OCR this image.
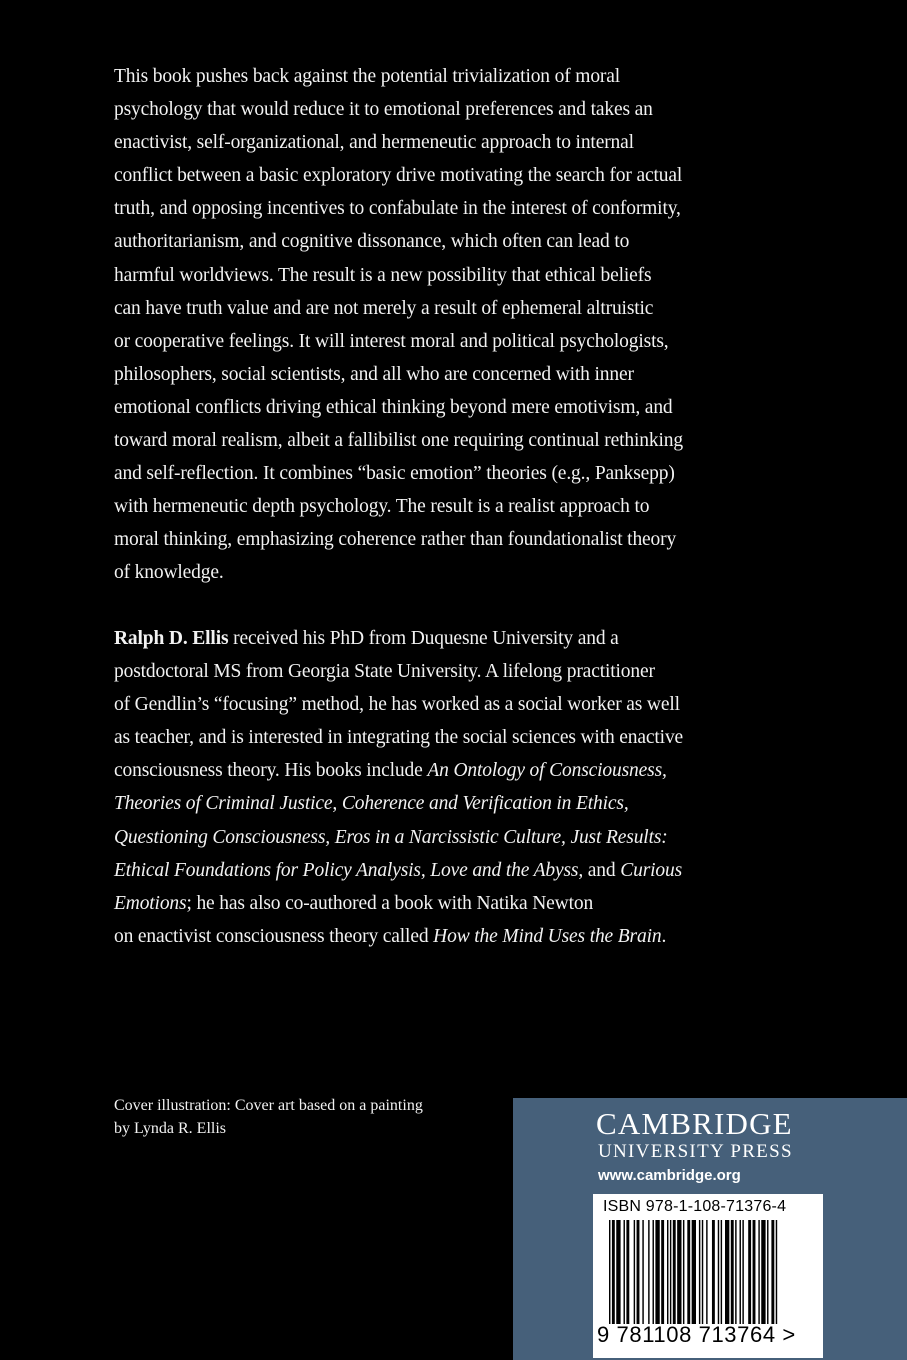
This book pushes back against the potential trivialization of moral
psychology that would reduce it to emotional preferences and takes an
enactivist, self-organizational, and hermeneutic approach to internal
conflict between a basic exploratory drive motivating the search for actual
truth, and opposing incentives to confabulate in the interest of conformity,
authoritarianism, and cognitive dissonance, which often can lead to
harmful worldviews. The result is a new possibility that ethical beliefs
can have truth value and are not merely a result of ephemeral altruistic
or cooperative feelings. It will interest moral and political psychologists,
philosophers, social scientists, and all who are concerned with inner
emotional conflicts driving ethical thinking beyond mere emotivism, and
toward moral realism, albeit a fallibilist one requiring continual rethinking
and self-reflection. It combines “basic emotion” theories (e.g., Panksepp)
with hermeneutic depth psychology. The result is a realist approach to
moral thinking, emphasizing coherence rather than foundationalist theory
of knowledge.
Ralph D. Ellis received his PhD from Duquesne University and a
postdoctoral MS from Georgia State University. A lifelong practitioner
of Gendlin’s “focusing” method, he has worked as a social worker as well
as teacher, and is interested in integrating the social sciences with enactive
consciousness theory. His books include An Ontology of Consciousness,
Theories of Criminal Justice, Coherence and Verification in Ethics,
Questioning Consciousness, Eros in a Narcissistic Culture, Just Results:
Ethical Foundations for Policy Analysis, Love and the Abyss, and Curious
Emotions; he has also co-authored a book with Natika Newton
on enactivist consciousness theory called How the Mind Uses the Brain.
Cover illustration: Cover art based on a painting
by Lynda R. Ellis	CAMBRIDGE
UNIVERSITY PRESS
www.cambridge.org
ISBN 978-1-108-71376-4
9 781108 713764 >
